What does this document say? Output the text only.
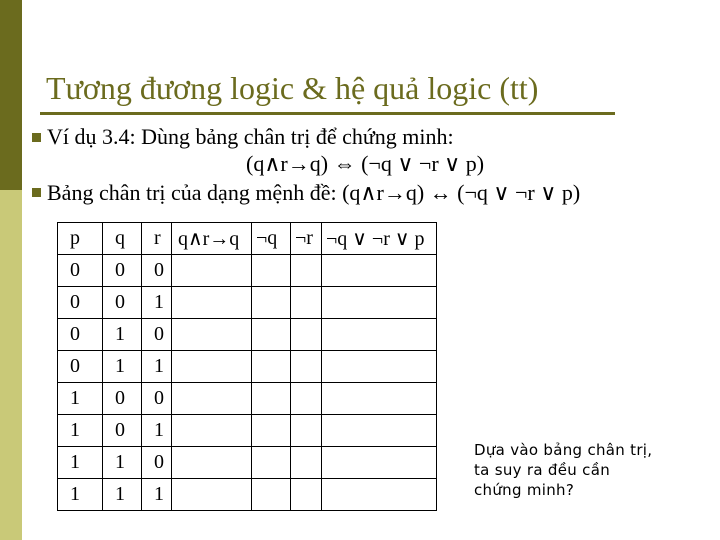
Tương đương logic & hệ quả logic (tt)
Ví dụ 3.4: Dùng bảng chân trị để chứng minh:
(q∧r→q) ⇔ (¬q ∨ ¬r ∨ p)
Bảng chân trị của dạng mệnh đề: (q∧r→q) ↔ (¬q ∨ ¬r ∨ p)
p	q	r	q∧r→q	¬q	¬r	¬q ∨ ¬r ∨ p
0	0	0				
0	0	1				
0	1	0				
0	1	1				
1	0	0				
1	0	1				
1	1	0				
1	1	1				
Dựa vào bảng chân trị,
ta suy ra đều cần
chứng minh?
